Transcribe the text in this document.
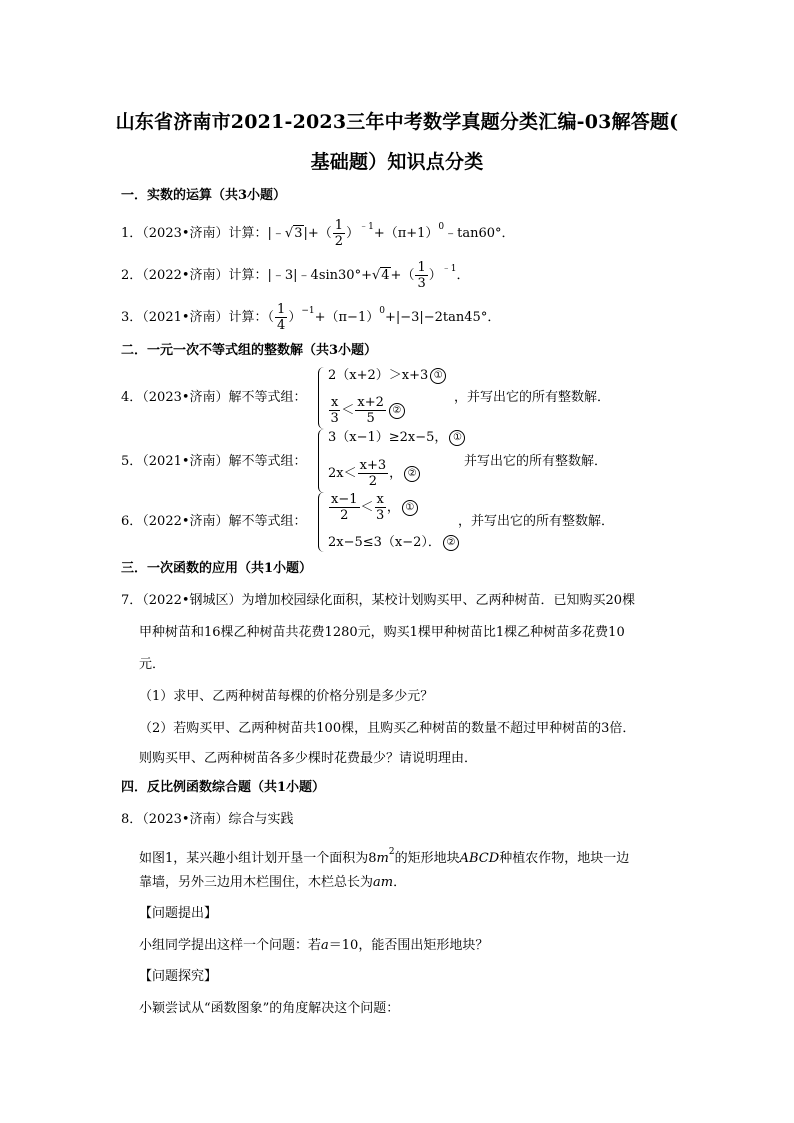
山东省济南市2021-2023三年中考数学真题分类汇编-03解答题(
基础题）知识点分类
一．实数的运算（共3小题）
1．（2023•济南）计算：|﹣√3|+（ $\frac{1}{2}$ ）$^{﹣1}+(\pi+1)^0﹣\tan 60^\circ$．
2．（2022•济南）计算：|﹣3|﹣4sin30°+√4+（ $\frac{1}{3} )^{﹣1}$．
3．（2021•济南）计算：（ $\frac{1}{4} )^{-1}+(\pi-1)^0+|-3|-2\tan 45^\circ$．
二．一元一次不等式组的整数解（共3小题）
4．（2023•济南）解不等式组：
2（x+2）＞x+3 ①
$\frac{x}{3} < \frac{x+2}{5}$ ②
，并写出它的所有整数解．
5．（2021•济南）解不等式组：
3（x−1）≥2x−5， ①
$2x< \frac{x+3}{2}$ ， ②
并写出它的所有整数解．
6．（2022•济南）解不等式组： $\frac{x-1}{2} < \frac{x}{3}$ ， ①
2x−5≤3（x−2）． ②
，并写出它的所有整数解．
三．一次函数的应用（共1小题）
7．（2022•钢城区）为增加校园绿化面积，某校计划购买甲、乙两种树苗．已知购买20棵
甲种树苗和16棵乙种树苗共花费1280元，购买1棵甲种树苗比1棵乙种树苗多花费10
元．
（1）求甲、乙两种树苗每棵的价格分别是多少元？
（2）若购买甲、乙两种树苗共100棵，且购买乙种树苗的数量不超过甲种树苗的3倍．
则购买甲、乙两种树苗各多少棵时花费最少？请说明理由．
四．反比例函数综合题（共1小题）
8．（2023•济南）综合与实践
如图1，某兴趣小组计划开垦一个面积为$8m^2$的矩形地块ABCD种植农作物，地块一边
靠墙，另外三边用木栏围住，木栏总长为am．
【问题提出】
小组同学提出这样一个问题：若a＝10，能否围出矩形地块？
【问题探究】
小颖尝试从“函数图象”的角度解决这个问题：
